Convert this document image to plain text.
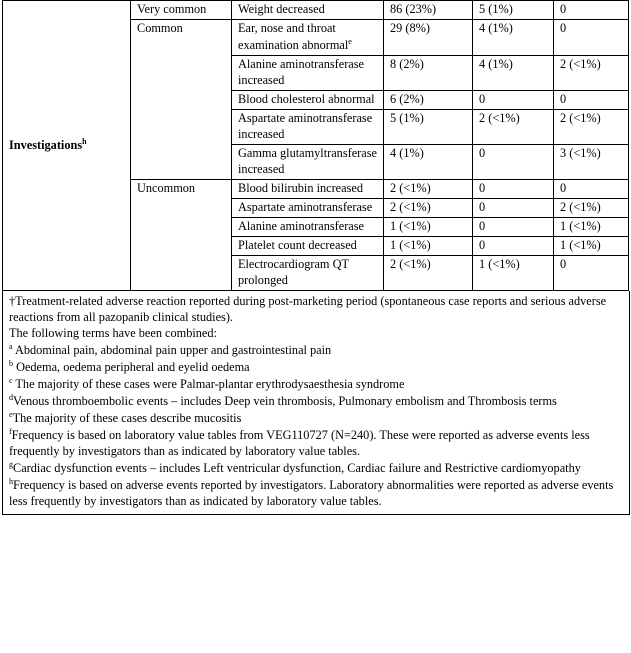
Investigations$^h$	Very common	Weight decreased	86 (23%)	5 (1%)	0
	Common	Ear, nose and throat examination abnormal$^e$	29 (8%)	4 (1%)	0
		Alanine aminotransferase increased	8 (2%)	4 (1%)	2 (<1%)
		Blood cholesterol abnormal	6 (2%)	0	0
		Aspartate aminotransferase increased	5 (1%)	2 (<1%)	2 (<1%)
		Gamma glutamyltransferase increased	4 (1%)	0	3 (<1%)
	Uncommon	Blood bilirubin increased	2 (<1%)	0	0
		Aspartate aminotransferase	2 (<1%)	0	2 (<1%)
		Alanine aminotransferase	1 (<1%)	0	1 (<1%)
		Platelet count decreased	1 (<1%)	0	1 (<1%)
		Electrocardiogram QT prolonged	2 (<1%)	1 (<1%)	0
†Treatment-related adverse reaction reported during post-marketing period (spontaneous case reports and serious adverse reactions from all pazopanib clinical studies).
The following terms have been combined:
$^a$ Abdominal pain, abdominal pain upper and gastrointestinal pain
$^b$ Oedema, oedema peripheral and eyelid oedema
$^c$ The majority of these cases were Palmar-plantar erythrodysaesthesia syndrome
$^d$Venous thromboembolic events – includes Deep vein thrombosis, Pulmonary embolism and Thrombosis terms
$^e$The majority of these cases describe mucositis
$^f$Frequency is based on laboratory value tables from VEG110727 (N=240). These were reported as adverse events less frequently by investigators than as indicated by laboratory value tables.
$^g$Cardiac dysfunction events – includes Left ventricular dysfunction, Cardiac failure and Restrictive cardiomyopathy
$^h$Frequency is based on adverse events reported by investigators. Laboratory abnormalities were reported as adverse events less frequently by investigators than as indicated by laboratory value tables.
